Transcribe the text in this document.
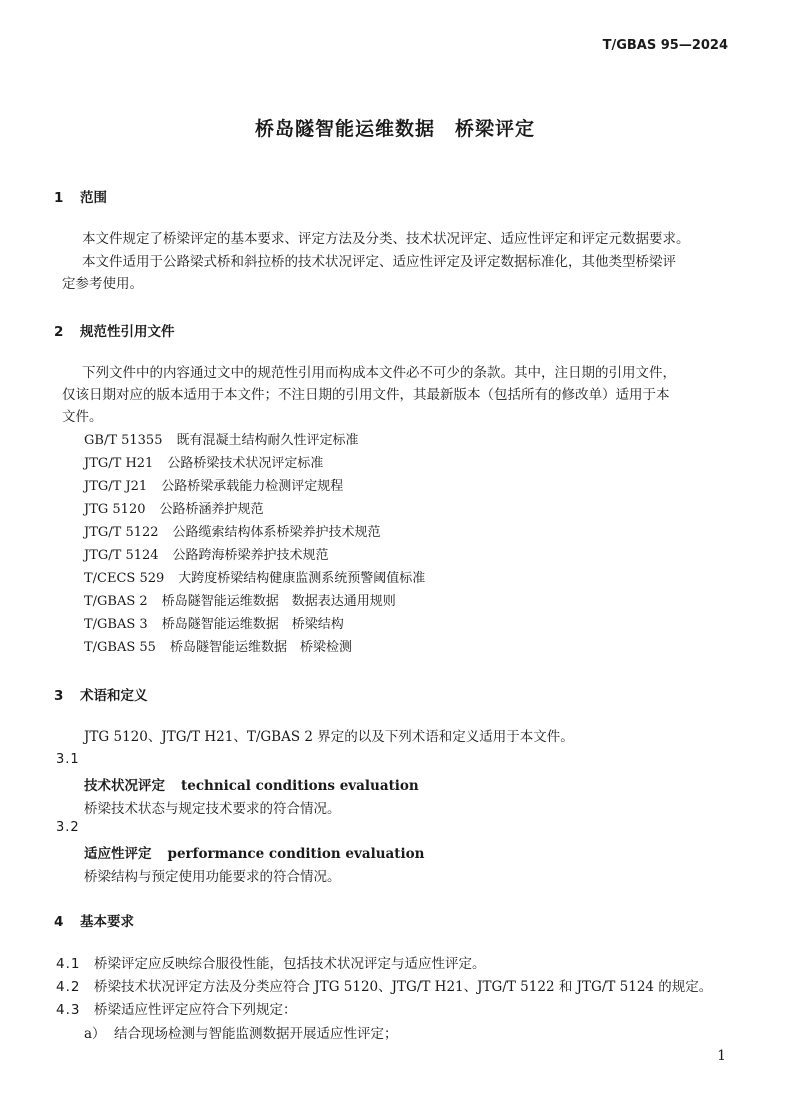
T/GBAS 95—2024
桥岛隧智能运维数据　桥梁评定
1 范围
本文件规定了桥梁评定的基本要求、评定方法及分类、技术状况评定、适应性评定和评定元数据要求。
本文件适用于公路梁式桥和斜拉桥的技术状况评定、适应性评定及评定数据标准化，其他类型桥梁评
定参考使用。
2 规范性引用文件
下列文件中的内容通过文中的规范性引用而构成本文件必不可少的条款。其中，注日期的引用文件，
仅该日期对应的版本适用于本文件；不注日期的引用文件，其最新版本（包括所有的修改单）适用于本
文件。
GB/T 51355 既有混凝土结构耐久性评定标准
JTG/T H21 公路桥梁技术状况评定标准
JTG/T J21 公路桥梁承载能力检测评定规程
JTG 5120 公路桥涵养护规范
JTG/T 5122 公路缆索结构体系桥梁养护技术规范
JTG/T 5124 公路跨海桥梁养护技术规范
T/CECS 529 大跨度桥梁结构健康监测系统预警阈值标准
T/GBAS 2 桥岛隧智能运维数据　数据表达通用规则
T/GBAS 3 桥岛隧智能运维数据　桥梁结构
T/GBAS 55 桥岛隧智能运维数据　桥梁检测
3 术语和定义
JTG 5120、JTG/T H21、T/GBAS 2 界定的以及下列术语和定义适用于本文件。
3.1
技术状况评定 technical conditions evaluation
桥梁技术状态与规定技术要求的符合情况。
3.2
适应性评定 performance condition evaluation
桥梁结构与预定使用功能要求的符合情况。
4 基本要求
4.1 桥梁评定应反映综合服役性能，包括技术状况评定与适应性评定。
4.2 桥梁技术状况评定方法及分类应符合 JTG 5120、JTG/T H21、JTG/T 5122 和 JTG/T 5124 的规定。
4.3 桥梁适应性评定应符合下列规定：
a） 结合现场检测与智能监测数据开展适应性评定；
1
